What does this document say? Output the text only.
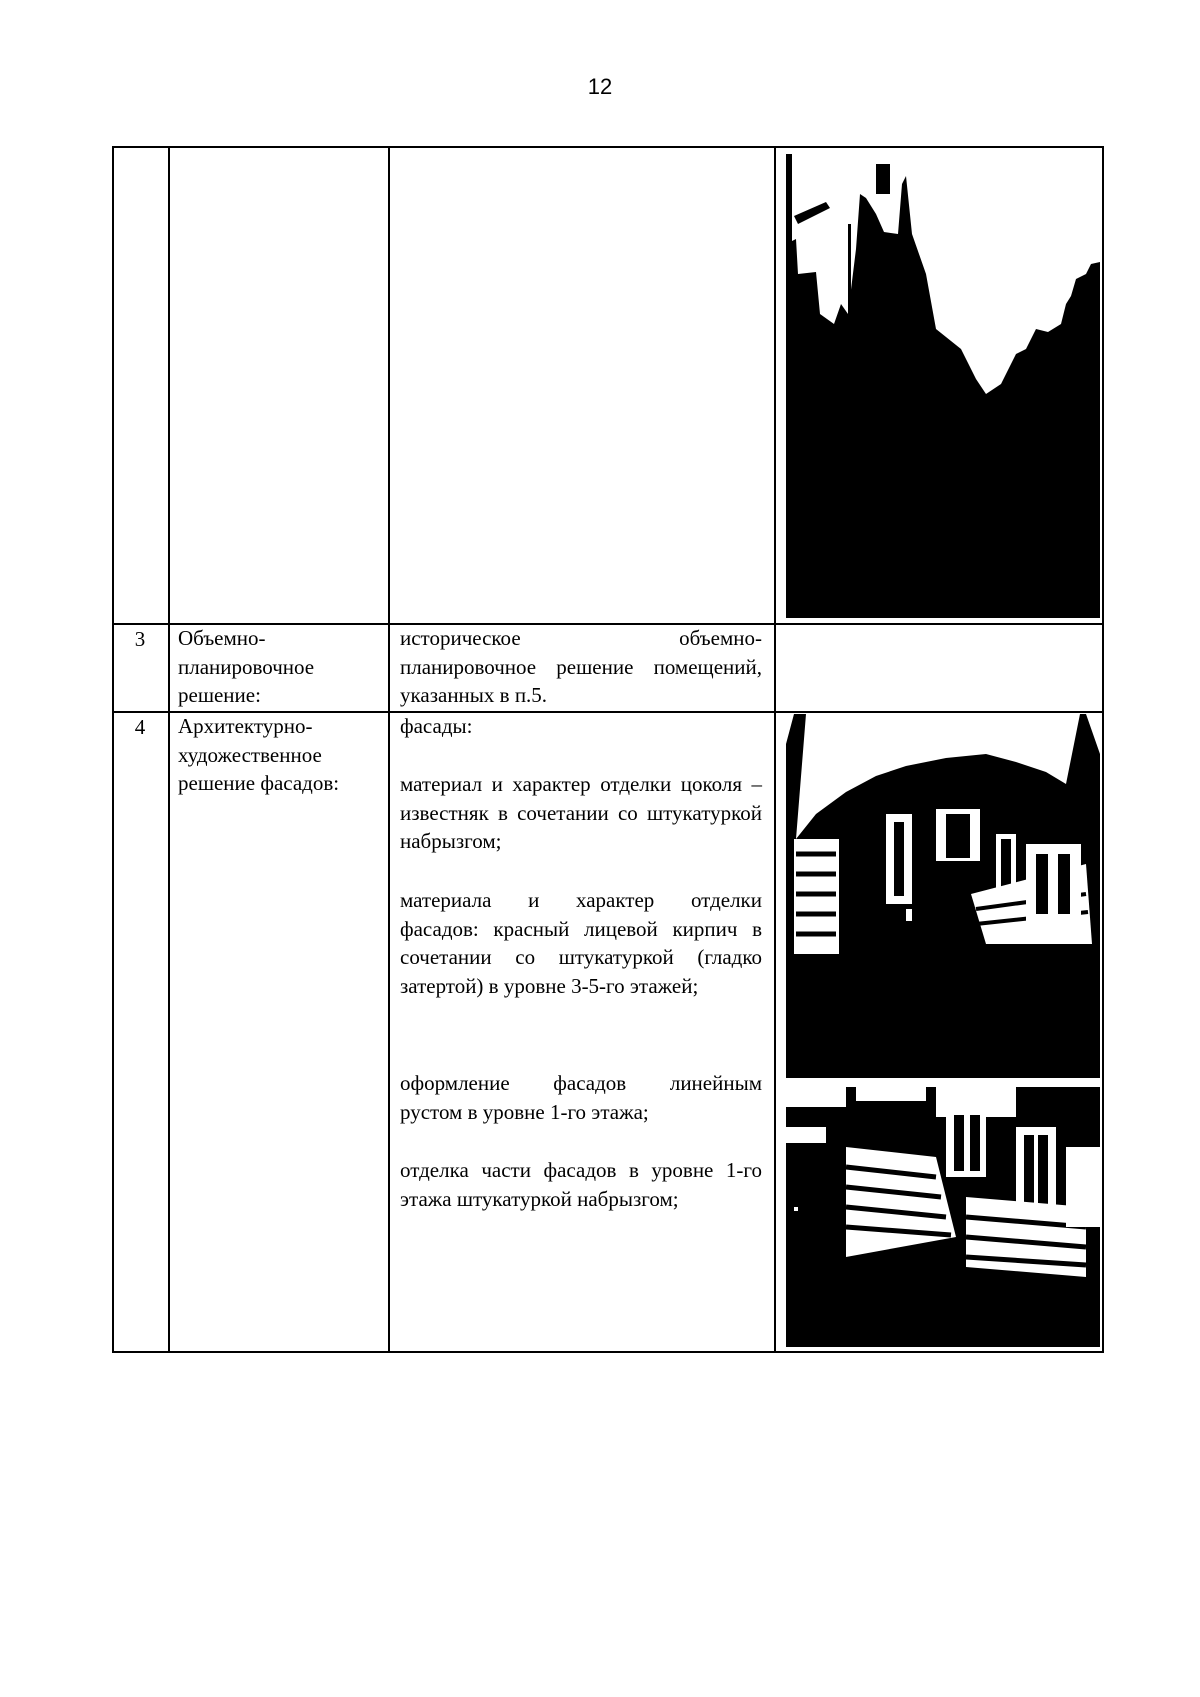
12
3	Объемно-
планировочное
решение:
историческое объемно-
планировочное решение помещений,
указанных в п.5.
4	Архитектурно-
художественное
решение фасадов:
фасады:
материал и характер отделки цоколя –
известняк в сочетании со штукатуркой
набрызгом;
материала и характер отделки
фасадов: красный лицевой кирпич в
сочетании со штукатуркой (гладко
затертой) в уровне 3-5-го этажей;
оформление фасадов линейным
рустом в уровне 1-го этажа;
отделка части фасадов в уровне 1-го
этажа штукатуркой набрызгом;
